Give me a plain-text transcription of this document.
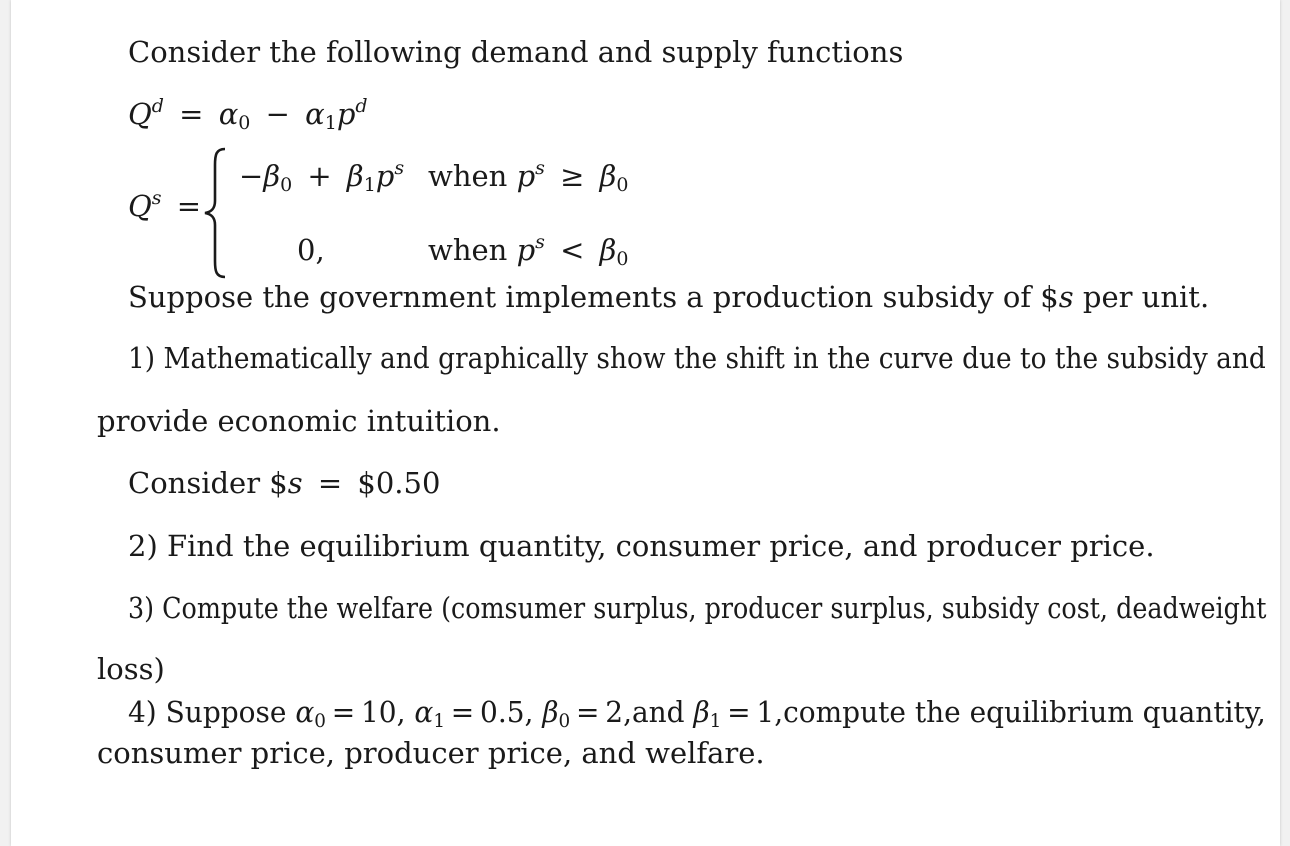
Consider the following demand and supply functions
$Q^d = \alpha_0 - \alpha_1p^d$
$Q^s$ =
$-\beta_0 + \beta_1p^s$ when $p^s \ge \beta_0$
0,	when $p^s < \beta_0$
Suppose the government implements a production subsidy of $s per unit.
1) Mathematically and graphically show the shift in the curve due to the subsidy and
provide economic intuition.
Consider $s = $0.50
2) Find the equilibrium quantity, consumer price, and producer price.
3) Compute the welfare (comsumer surplus, producer surplus, subsidy cost, deadweight
loss)
4) Suppose $\alpha_0 = 10$, $\alpha_1 = 0.5$, $\beta_0 = 2,and$ $\beta_1$ = 1,compute the equilibrium quantity,
consumer price, producer price, and welfare.
